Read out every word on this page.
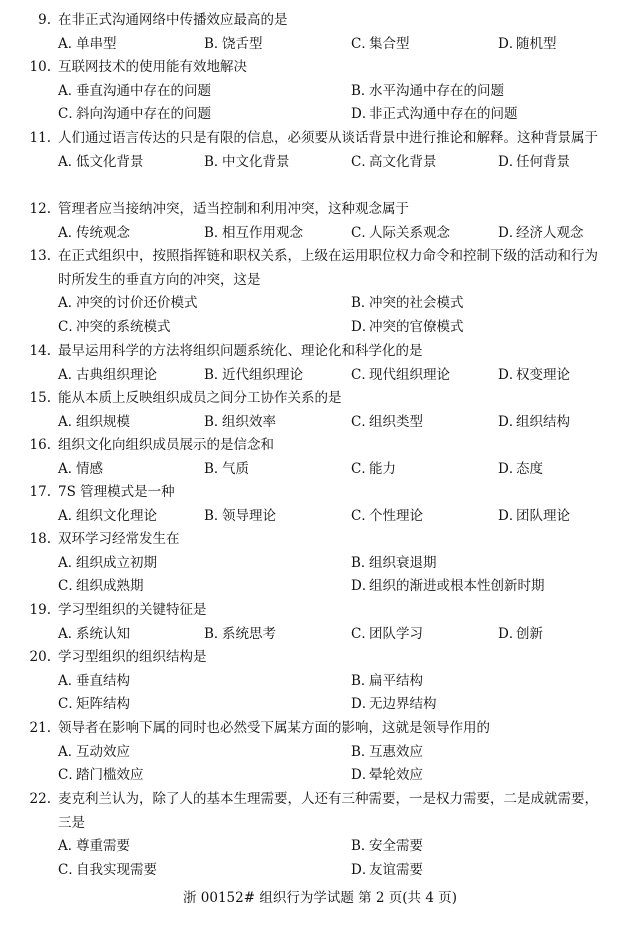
9. 在非正式沟通网络中传播效应最高的是
A．单串型	B．饶舌型	C．集合型	D．随机型
10. 互联网技术的使用能有效地解决
A．垂直沟通中存在的问题	B．水平沟通中存在的问题
C．斜向沟通中存在的问题	D．非正式沟通中存在的问题
11. 人们通过语言传达的只是有限的信息，必须要从谈话背景中进行推论和解释。这种背景属于
A．低文化背景	B．中文化背景	C．高文化背景	D．任何背景
12. 管理者应当接纳冲突，适当控制和利用冲突，这种观念属于
A．传统观念	B．相互作用观念	C．人际关系观念	D．经济人观念
13. 在正式组织中，按照指挥链和职权关系，上级在运用职位权力命令和控制下级的活动和行为时所发生的垂直方向的冲突，这是
A．冲突的讨价还价模式	B．冲突的社会模式
C．冲突的系统模式	D．冲突的官僚模式
14. 最早运用科学的方法将组织问题系统化、理论化和科学化的是
A．古典组织理论	B．近代组织理论	C．现代组织理论	D．权变理论
15. 能从本质上反映组织成员之间分工协作关系的是
A．组织规模	B．组织效率	C．组织类型	D．组织结构
16. 组织文化向组织成员展示的是信念和
A．情感	B．气质	C．能力	D．态度
17. 7S 管理模式是一种
A．组织文化理论	B．领导理论	C．个性理论	D．团队理论
18. 双环学习经常发生在
A．组织成立初期	B．组织衰退期
C．组织成熟期	D．组织的渐进或根本性创新时期
19. 学习型组织的关键特征是
A．系统认知	B．系统思考	C．团队学习	D．创新
20. 学习型组织的组织结构是
A．垂直结构	B．扁平结构
C．矩阵结构	D．无边界结构
21. 领导者在影响下属的同时也必然受下属某方面的影响，这就是领导作用的
A．互动效应	B．互惠效应
C．踏门槛效应	D．晕轮效应
22. 麦克利兰认为，除了人的基本生理需要，人还有三种需要，一是权力需要，二是成就需要，三是
A．尊重需要	B．安全需要
C．自我实现需要	D．友谊需要
浙 00152# 组织行为学试题 第 2 页(共 4 页)
